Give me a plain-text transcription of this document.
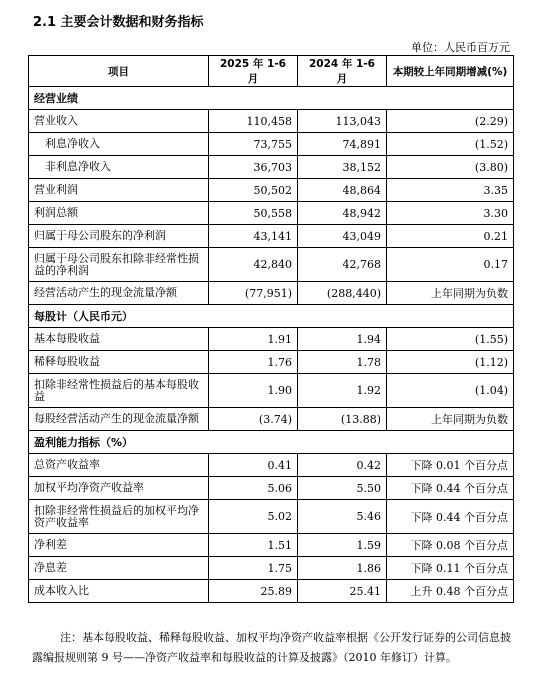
2.1 主要会计数据和财务指标
单位：人民币百万元
项目	2025 年 1-6 月	2024 年 1-6 月	本期较上年同期增减(%)
经营业绩			
营业收入	110,458	113,043	(2.29)
利息净收入	73,755	74,891	(1.52)
非利息净收入	36,703	38,152	(3.80)
营业利润	50,502	48,864	3.35
利润总额	50,558	48,942	3.30
归属于母公司股东的净利润	43,141	43,049	0.21
归属于母公司股东扣除非经常性损益的净利润	42,840	42,768	0.17
经营活动产生的现金流量净额	(77,951)	(288,440)	上年同期为负数
每股计（人民币元）			
基本每股收益	1.91	1.94	(1.55)
稀释每股收益	1.76	1.78	(1.12)
扣除非经常性损益后的基本每股收益	1.90	1.92	(1.04)
每股经营活动产生的现金流量净额	(3.74)	(13.88)	上年同期为负数
盈利能力指标（%）			
总资产收益率	0.41	0.42	下降 0.01 个百分点
加权平均净资产收益率	5.06	5.50	下降 0.44 个百分点
扣除非经常性损益后的加权平均净资产收益率	5.02	5.46	下降 0.44 个百分点
净利差	1.51	1.59	下降 0.08 个百分点
净息差	1.75	1.86	下降 0.11 个百分点
成本收入比	25.89	25.41	上升 0.48 个百分点
注：基本每股收益、稀释每股收益、加权平均净资产收益率根据《公开发行证券的公司信息披露编报规则第 9 号——净资产收益率和每股收益的计算及披露》（2010 年修订）计算。
